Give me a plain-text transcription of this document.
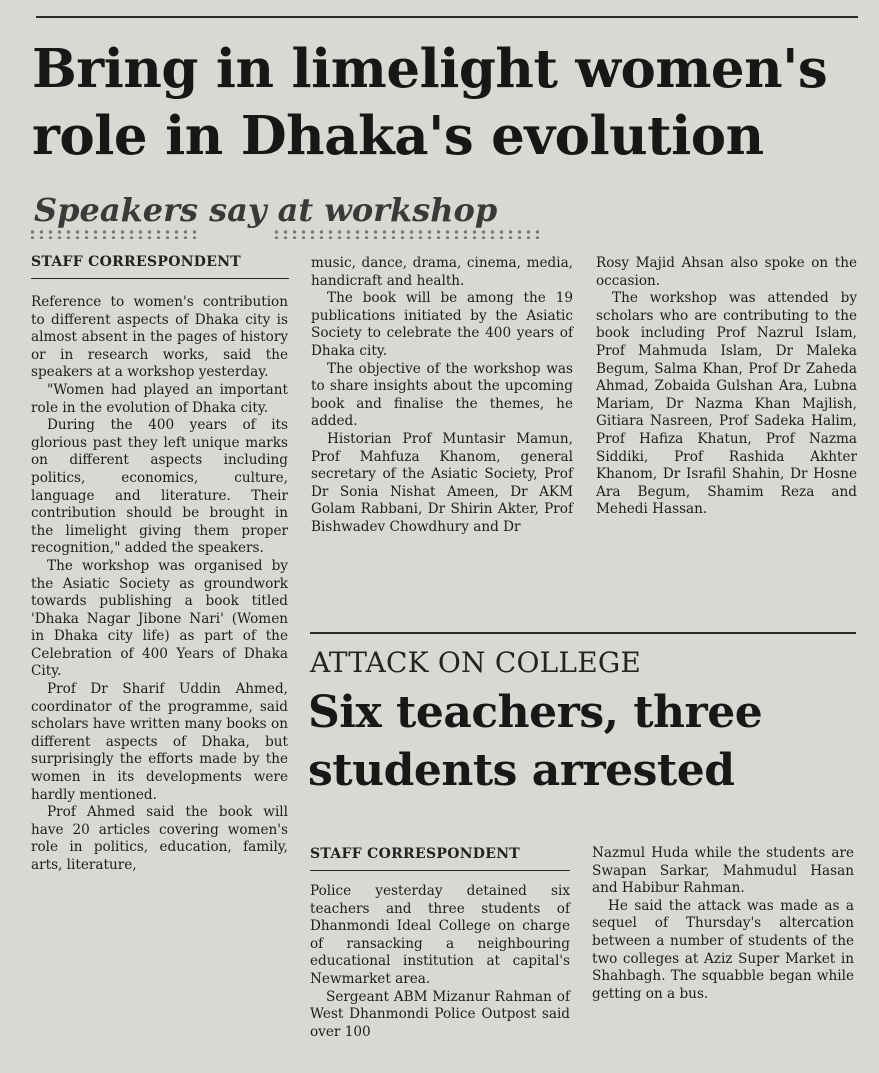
Bring in limelight women's role in Dhaka's evolution
Speakers say at workshop
STAFF CORRESPONDENT

Reference to women's contribution to different aspects of Dhaka city is almost absent in the pages of history or in research works, said the speakers at a workshop yesterday.

"Women had played an important role in the evolution of Dhaka city.

During the 400 years of its glorious past they left unique marks on different aspects including politics, economics, culture, language and literature. Their contribution should be brought in the limelight giving them proper recognition," added the speakers.

The workshop was organised by the Asiatic Society as groundwork towards publishing a book titled 'Dhaka Nagar Jibone Nari' (Women in Dhaka city life) as part of the Celebration of 400 Years of Dhaka City.

Prof Dr Sharif Uddin Ahmed, coordinator of the programme, said scholars have written many books on different aspects of Dhaka, but surprisingly the efforts made by the women in its developments were hardly mentioned.

Prof Ahmed said the book will have 20 articles covering women's role in politics, education, family, arts, literature,

music, dance, drama, cinema, media, handicraft and health.

The book will be among the 19 publications initiated by the Asiatic Society to celebrate the 400 years of Dhaka city.

The objective of the workshop was to share insights about the upcoming book and finalise the themes, he added.

Historian Prof Muntasir Mamun, Prof Mahfuza Khanom, general secretary of the Asiatic Society, Prof Dr Sonia Nishat Ameen, Dr AKM Golam Rabbani, Dr Shirin Akter, Prof Bishwadev Chowdhury and Dr

Rosy Majid Ahsan also spoke on the occasion.

The workshop was attended by scholars who are contributing to the book including Prof Nazrul Islam, Prof Mahmuda Islam, Dr Maleka Begum, Salma Khan, Prof Dr Zaheda Ahmad, Zobaida Gulshan Ara, Lubna Mariam, Dr Nazma Khan Majlish, Gitiara Nasreen, Prof Sadeka Halim, Prof Hafiza Khatun, Prof Nazma Siddiki, Prof Rashida Akhter Khanom, Dr Israfil Shahin, Dr Hosne Ara Begum, Shamim Reza and Mehedi Hassan.

ATTACK ON COLLEGE
Six teachers, three students arrested
STAFF CORRESPONDENT

Police yesterday detained six teachers and three students of Dhanmondi Ideal College on charge of ransacking a neighbouring educational institution at capital's Newmarket area.

Sergeant ABM Mizanur Rahman of West Dhanmondi Police Outpost said over 100

Nazmul Huda while the students are Swapan Sarkar, Mahmudul Hasan and Habibur Rahman.

He said the attack was made as a sequel of Thursday's altercation between a number of students of the two colleges at Aziz Super Market in Shahbagh. The squabble began while getting on a bus.
